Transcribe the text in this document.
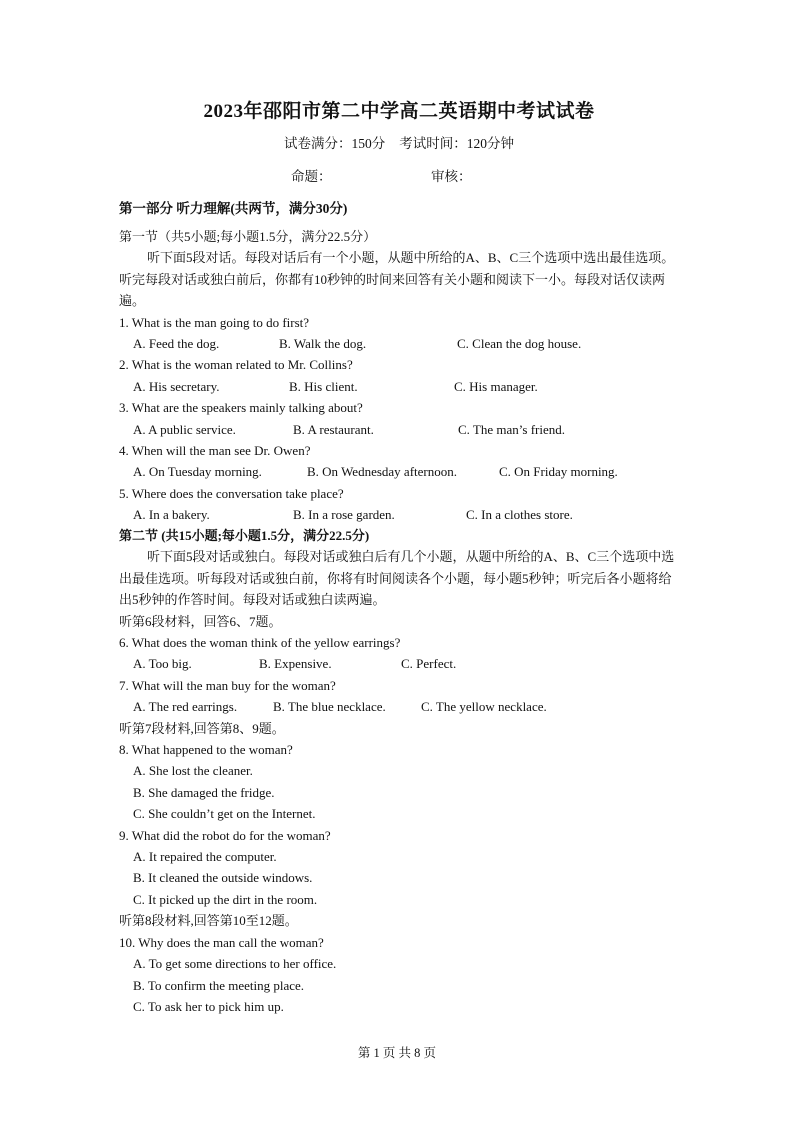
2023年邵阳市第二中学高二英语期中考试试卷
试卷满分：150分 考试时间：120分钟
命题：	审核：
第一部分 听力理解(共两节，满分30分)
第一节（共5小题;每小题1.5分，满分22.5分）
听下面5段对话。每段对话后有一个小题，从题中所给的A、B、C三个选项中选出最佳选项。听完每段对话或独白前后，你都有10秒钟的时间来回答有关小题和阅读下一小。每段对话仅读两遍。
1. What is the man going to do first?
A. Feed the dog.	B. Walk the dog.	C. Clean the dog house.
2. What is the woman related to Mr. Collins?
A. His secretary.	B. His client.	C. His manager.
3. What are the speakers mainly talking about?
A. A public service.	B. A restaurant.	C. The man’s friend.
4. When will the man see Dr. Owen?
A. On Tuesday morning.	B. On Wednesday afternoon.	C. On Friday morning.
5. Where does the conversation take place?
A. In a bakery.	B. In a rose garden.	C. In a clothes store.
第二节 (共15小题;每小题1.5分，满分22.5分)
听下面5段对话或独白。每段对话或独白后有几个小题，从题中所给的A、B、C三个选项中选出最佳选项。听每段对话或独白前，你将有时间阅读各个小题，每小题5秒钟；听完后各小题将给出5秒钟的作答时间。每段对话或独白读两遍。
听第6段材料，回答6、7题。
6. What does the woman think of the yellow earrings?
A. Too big.	B. Expensive.	C. Perfect.
7. What will the man buy for the woman?
A. The red earrings.	B. The blue necklace.	C. The yellow necklace.
听第7段材料,回答第8、9题。
8. What happened to the woman?
A. She lost the cleaner.
B. She damaged the fridge.
C. She couldn’t get on the Internet.
9. What did the robot do for the woman?
A. It repaired the computer.
B. It cleaned the outside windows.
C. It picked up the dirt in the room.
听第8段材料,回答第10至12题。
10. Why does the man call the woman?
A. To get some directions to her office.
B. To confirm the meeting place.
C. To ask her to pick him up.
第 1 页 共 8 页
